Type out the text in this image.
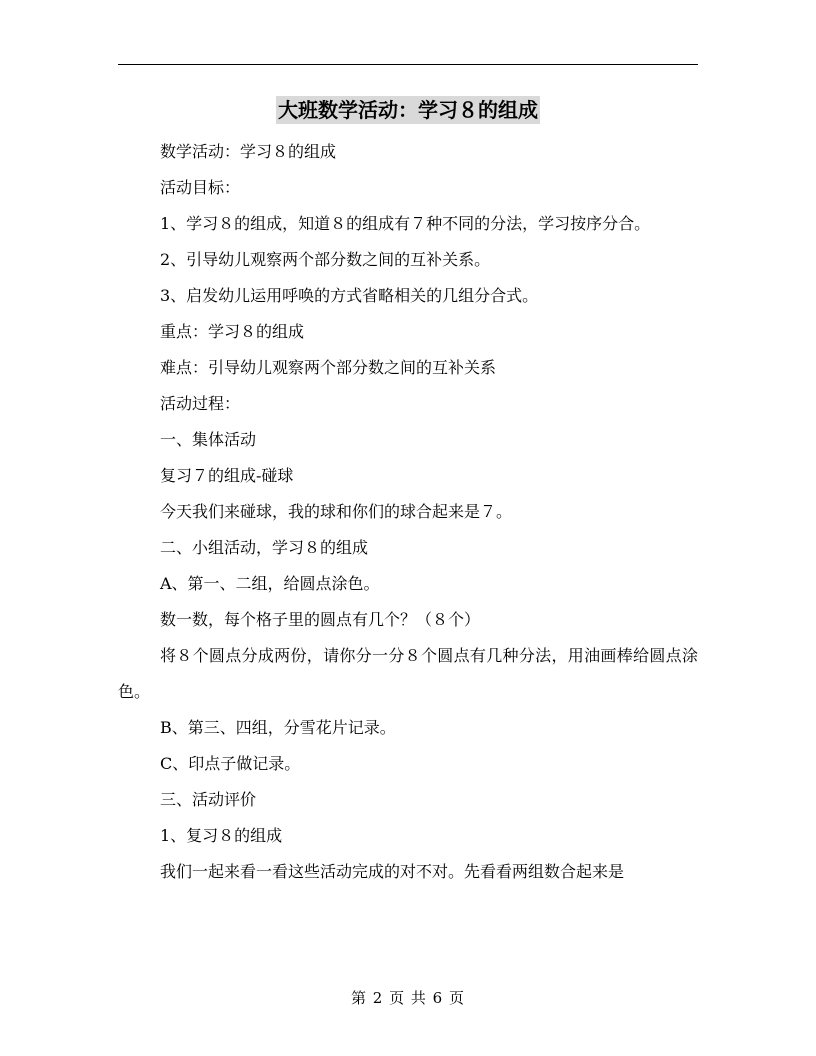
大班数学活动：学习８的组成

数学活动：学习８的组成

活动目标：

1、学习８的组成，知道８的组成有７种不同的分法，学习按序分合。

2、引导幼儿观察两个部分数之间的互补关系。

3、启发幼儿运用呼唤的方式省略相关的几组分合式。

重点：学习８的组成

难点：引导幼儿观察两个部分数之间的互补关系

活动过程：

一、集体活动

复习７的组成-碰球

今天我们来碰球，我的球和你们的球合起来是７。

二、小组活动，学习８的组成

A、第一、二组，给圆点涂色。

数一数，每个格子里的圆点有几个？（８个）

将８个圆点分成两份，请你分一分８个圆点有几种分法，用油画棒给圆点涂色。

B、第三、四组，分雪花片记录。

C、印点子做记录。

三、活动评价

1、复习８的组成

我们一起来看一看这些活动完成的对不对。先看看两组数合起来是

第 2 页 共 6 页
